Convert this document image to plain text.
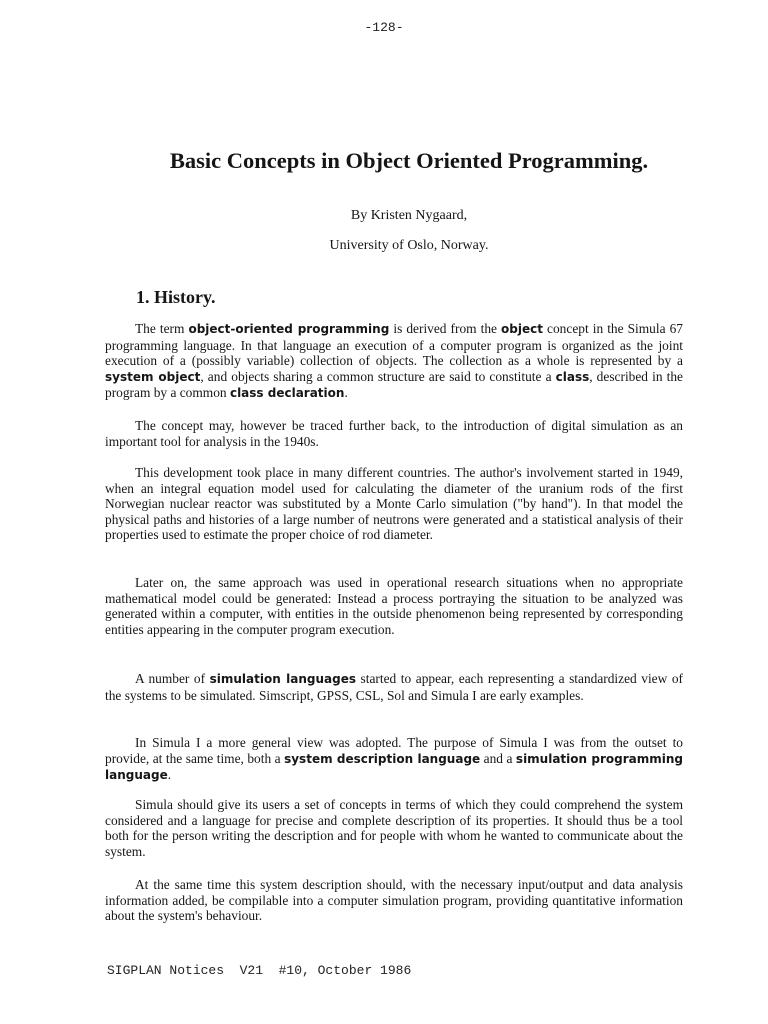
-128-
Basic Concepts in Object Oriented Programming.
By Kristen Nygaard,
University of Oslo, Norway.
1. History.

The term object-oriented programming is derived from the object concept in the Simula 67 programming language. In that language an execution of a computer program is organized as the joint execution of a (possibly variable) collection of objects. The collection as a whole is represented by a system object, and objects sharing a common structure are said to constitute a class, described in the program by a common class declaration.

The concept may, however be traced further back, to the introduction of digital simulation as an important tool for analysis in the 1940s.

This development took place in many different countries. The author's involvement started in 1949, when an integral equation model used for calculating the diameter of the uranium rods of the first Norwegian nuclear reactor was substituted by a Monte Carlo simulation ("by hand"). In that model the physical paths and histories of a large number of neutrons were generated and a statistical analysis of their properties used to estimate the proper choice of rod diameter.

Later on, the same approach was used in operational research situations when no appropriate mathematical model could be generated: Instead a process portraying the situation to be analyzed was generated within a computer, with entities in the outside phenomenon being represented by corresponding entities appearing in the computer program execution.

A number of simulation languages started to appear, each representing a standardized view of the systems to be simulated. Simscript, GPSS, CSL, Sol and Simula I are early examples.

In Simula I a more general view was adopted. The purpose of Simula I was from the outset to provide, at the same time, both a system description language and a simulation programming language.

Simula should give its users a set of concepts in terms of which they could comprehend the system considered and a language for precise and complete description of its properties. It should thus be a tool both for the person writing the description and for people with whom he wanted to communicate about the system.

At the same time this system description should, with the necessary input/output and data analysis information added, be compilable into a computer simulation program, providing quantitative information about the system's behaviour.

SIGPLAN Notices  V21  #10, October 1986
